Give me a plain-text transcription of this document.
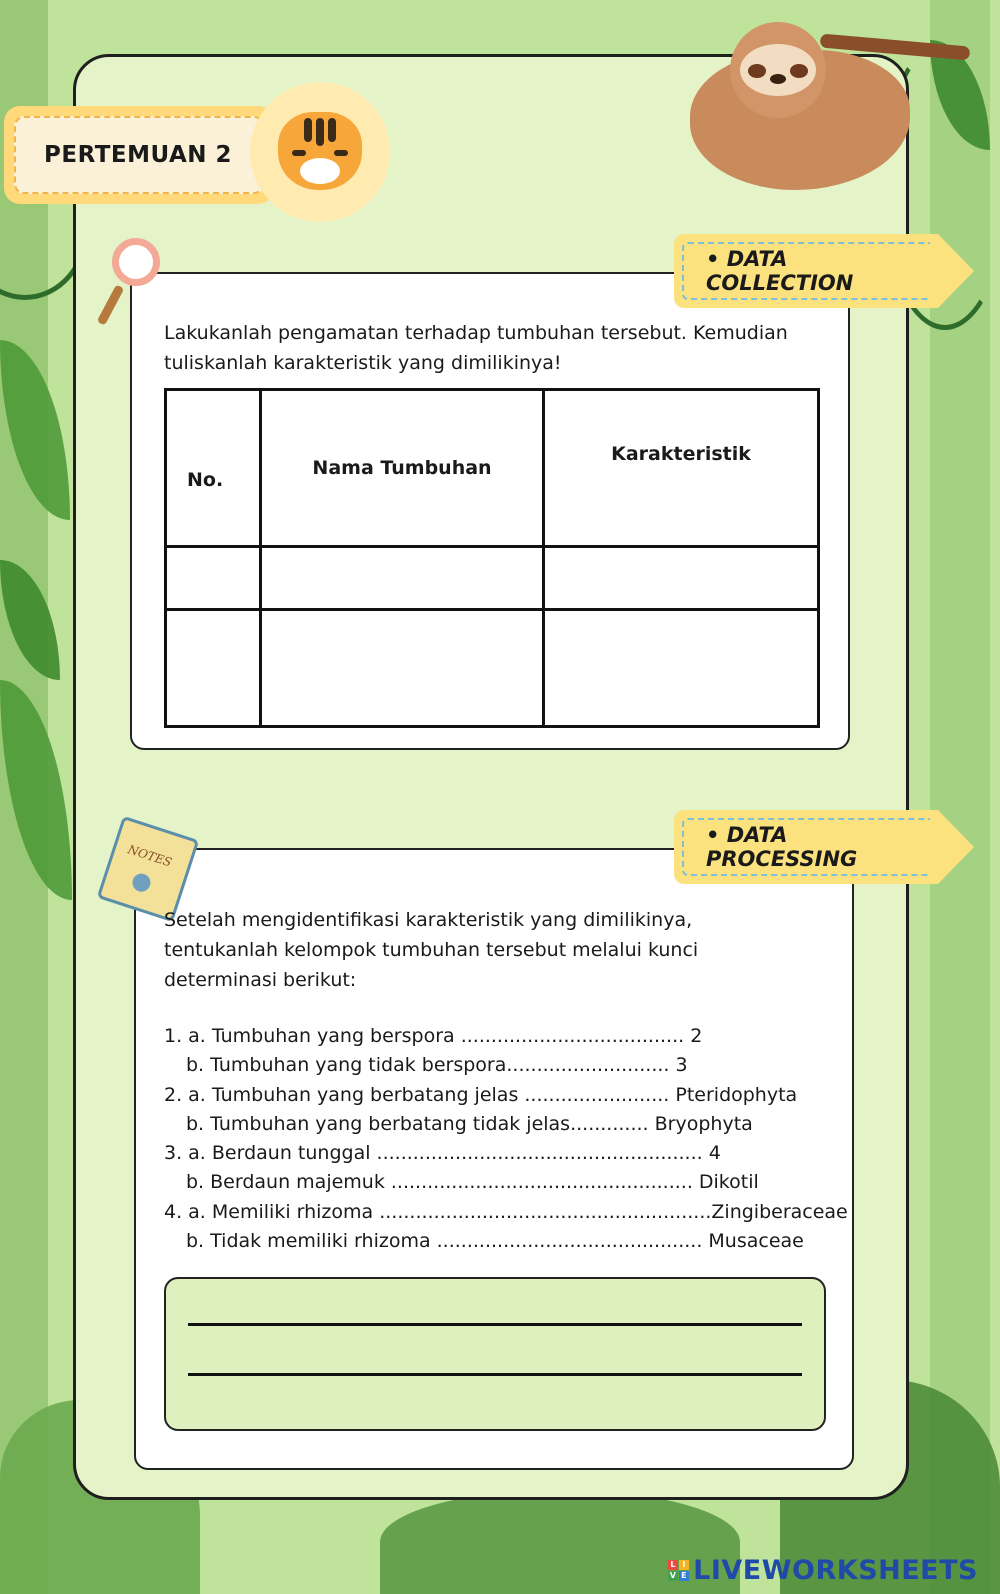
PERTEMUAN 2
• DATA COLLECTION
Lakukanlah pengamatan terhadap tumbuhan tersebut. Kemudian tuliskanlah karakteristik yang dimilikinya!
No.	Nama Tumbuhan	Karakteristik

NOTES
• DATA PROCESSING
Setelah mengidentifikasi karakteristik yang dimilikinya, tentukanlah kelompok tumbuhan tersebut melalui kunci determinasi berikut:
1. a. Tumbuhan yang berspora ..................................... 2
b. Tumbuhan yang tidak berspora........................... 3
2. a. Tumbuhan yang berbatang jelas ........................ Pteridophyta
b. Tumbuhan yang berbatang tidak jelas............. Bryophyta
3. a. Berdaun tunggal ...................................................... 4
b. Berdaun majemuk .................................................. Dikotil
4. a. Memiliki rhizoma .......................................................Zingiberaceae
b. Tidak memiliki rhizoma ............................................ Musaceae
L I
V E LIVEWORKSHEETS
